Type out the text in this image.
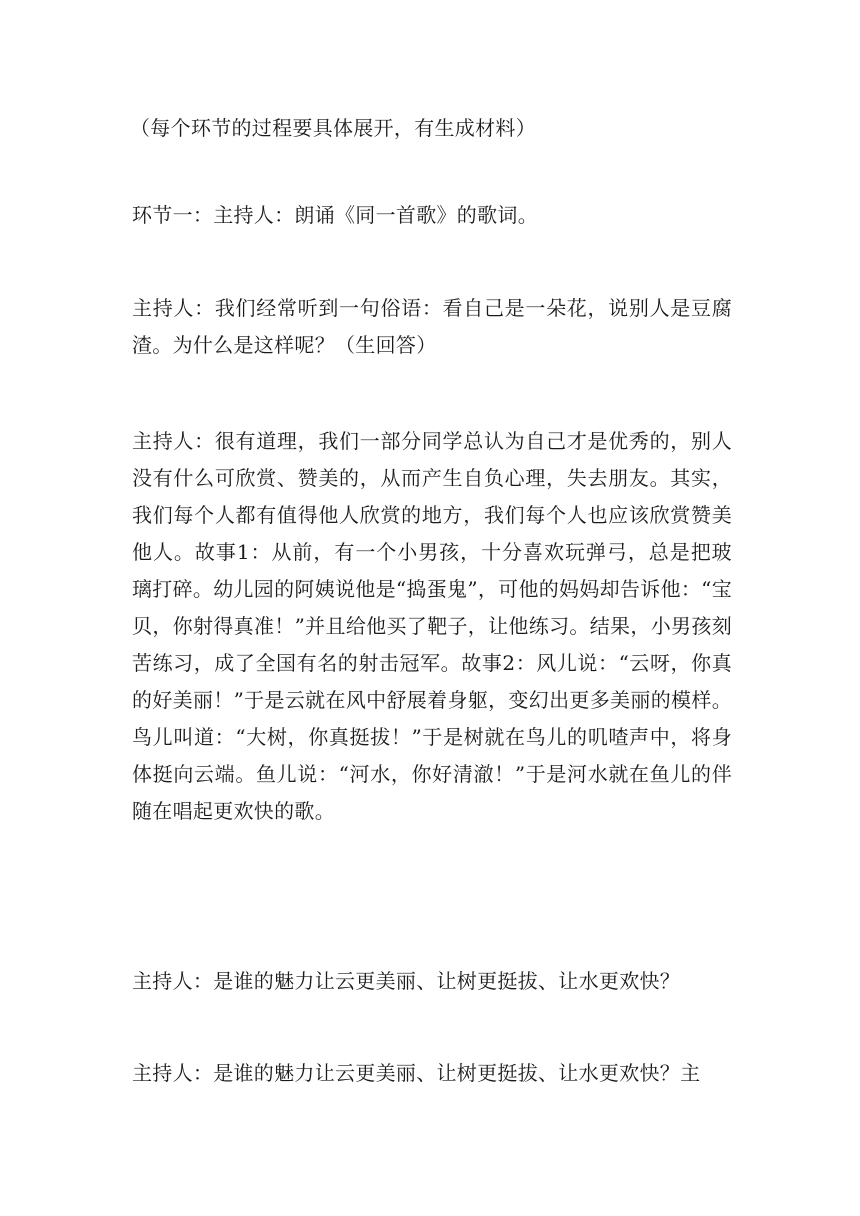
（每个环节的过程要具体展开，有生成材料）

环节一：主持人：朗诵《同一首歌》的歌词。

主持人：我们经常听到一句俗语：看自己是一朵花，说别人是豆腐渣。为什么是这样呢？（生回答）

主持人：很有道理，我们一部分同学总认为自己才是优秀的，别人没有什么可欣赏、赞美的，从而产生自负心理，失去朋友。其实，我们每个人都有值得他人欣赏的地方，我们每个人也应该欣赏赞美他人。故事1：从前，有一个小男孩，十分喜欢玩弹弓，总是把玻璃打碎。幼儿园的阿姨说他是“捣蛋鬼”，可他的妈妈却告诉他：“宝贝，你射得真准！”并且给他买了靶子，让他练习。结果，小男孩刻苦练习，成了全国有名的射击冠军。故事2：风儿说：“云呀，你真的好美丽！”于是云就在风中舒展着身躯，变幻出更多美丽的模样。鸟儿叫道：“大树，你真挺拔！”于是树就在鸟儿的叽喳声中，将身体挺向云端。鱼儿说：“河水，你好清澈！”于是河水就在鱼儿的伴随在唱起更欢快的歌。

主持人：是谁的魅力让云更美丽、让树更挺拔、让水更欢快？

主持人：是谁的魅力让云更美丽、让树更挺拔、让水更欢快？主
